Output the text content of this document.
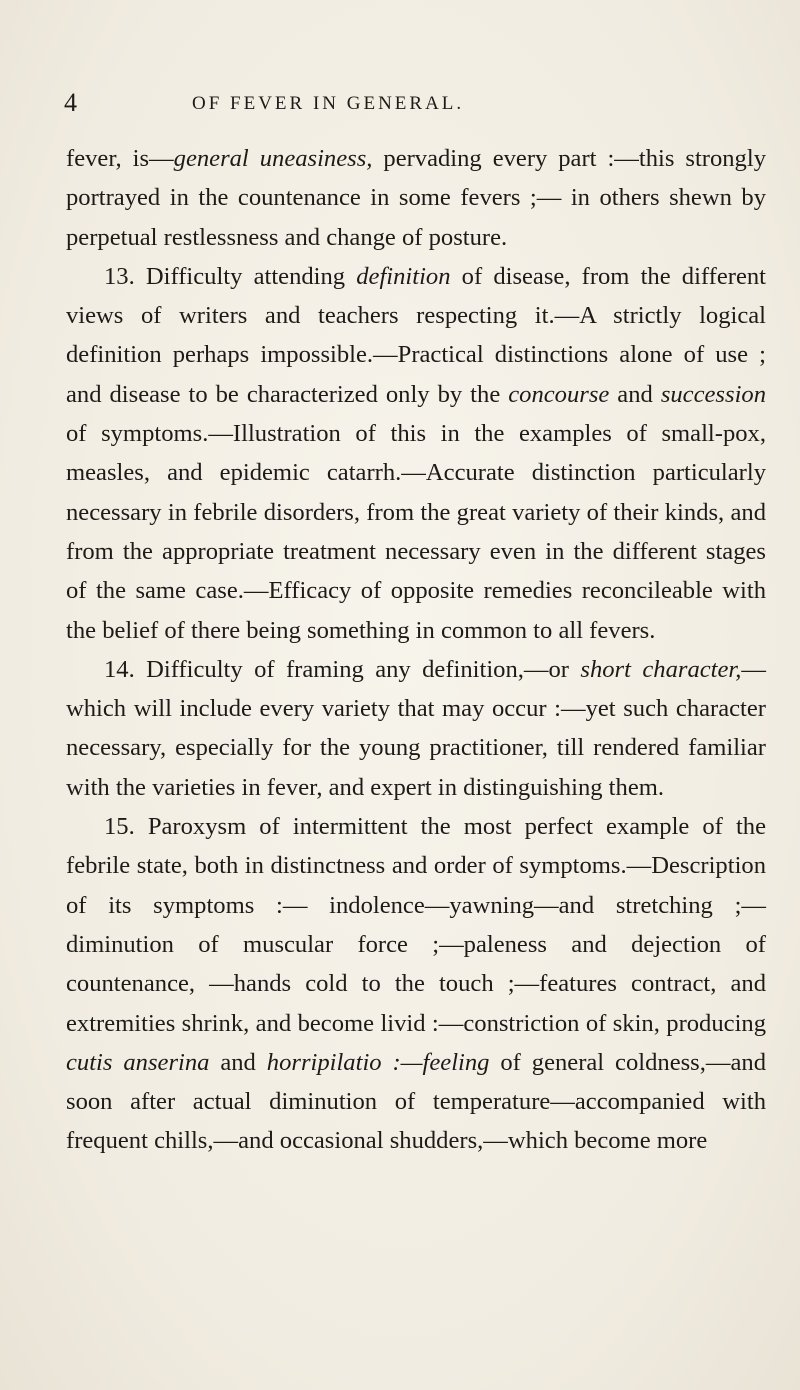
4	OF FEVER IN GENERAL.

fever, is—general uneasiness, pervading every part :—this strongly portrayed in the countenance in some fevers ;— in others shewn by perpetual restlessness and change of posture.

13. Difficulty attending definition of disease, from the different views of writers and teachers respecting it.—A strictly logical definition perhaps impossible.—Practical distinctions alone of use ; and disease to be characterized only by the concourse and succession of symptoms.—Illustration of this in the examples of small-pox, measles, and epidemic catarrh.—Accurate distinction particularly necessary in febrile disorders, from the great variety of their kinds, and from the appropriate treatment necessary even in the different stages of the same case.—Efficacy of opposite remedies reconcileable with the belief of there being something in common to all fevers.

14. Difficulty of framing any definition,—or short character,—which will include every variety that may occur :—yet such character necessary, especially for the young practitioner, till rendered familiar with the varieties in fever, and expert in distinguishing them.

15. Paroxysm of intermittent the most perfect example of the febrile state, both in distinctness and order of symptoms.—Description of its symptoms :— indolence—yawning—and stretching ;—diminution of muscular force ;—paleness and dejection of countenance, —hands cold to the touch ;—features contract, and extremities shrink, and become livid :—constriction of skin, producing cutis anserina and horripilatio :—feeling of general coldness,—and soon after actual diminution of temperature—accompanied with frequent chills,—and occasional shudders,—which become more
